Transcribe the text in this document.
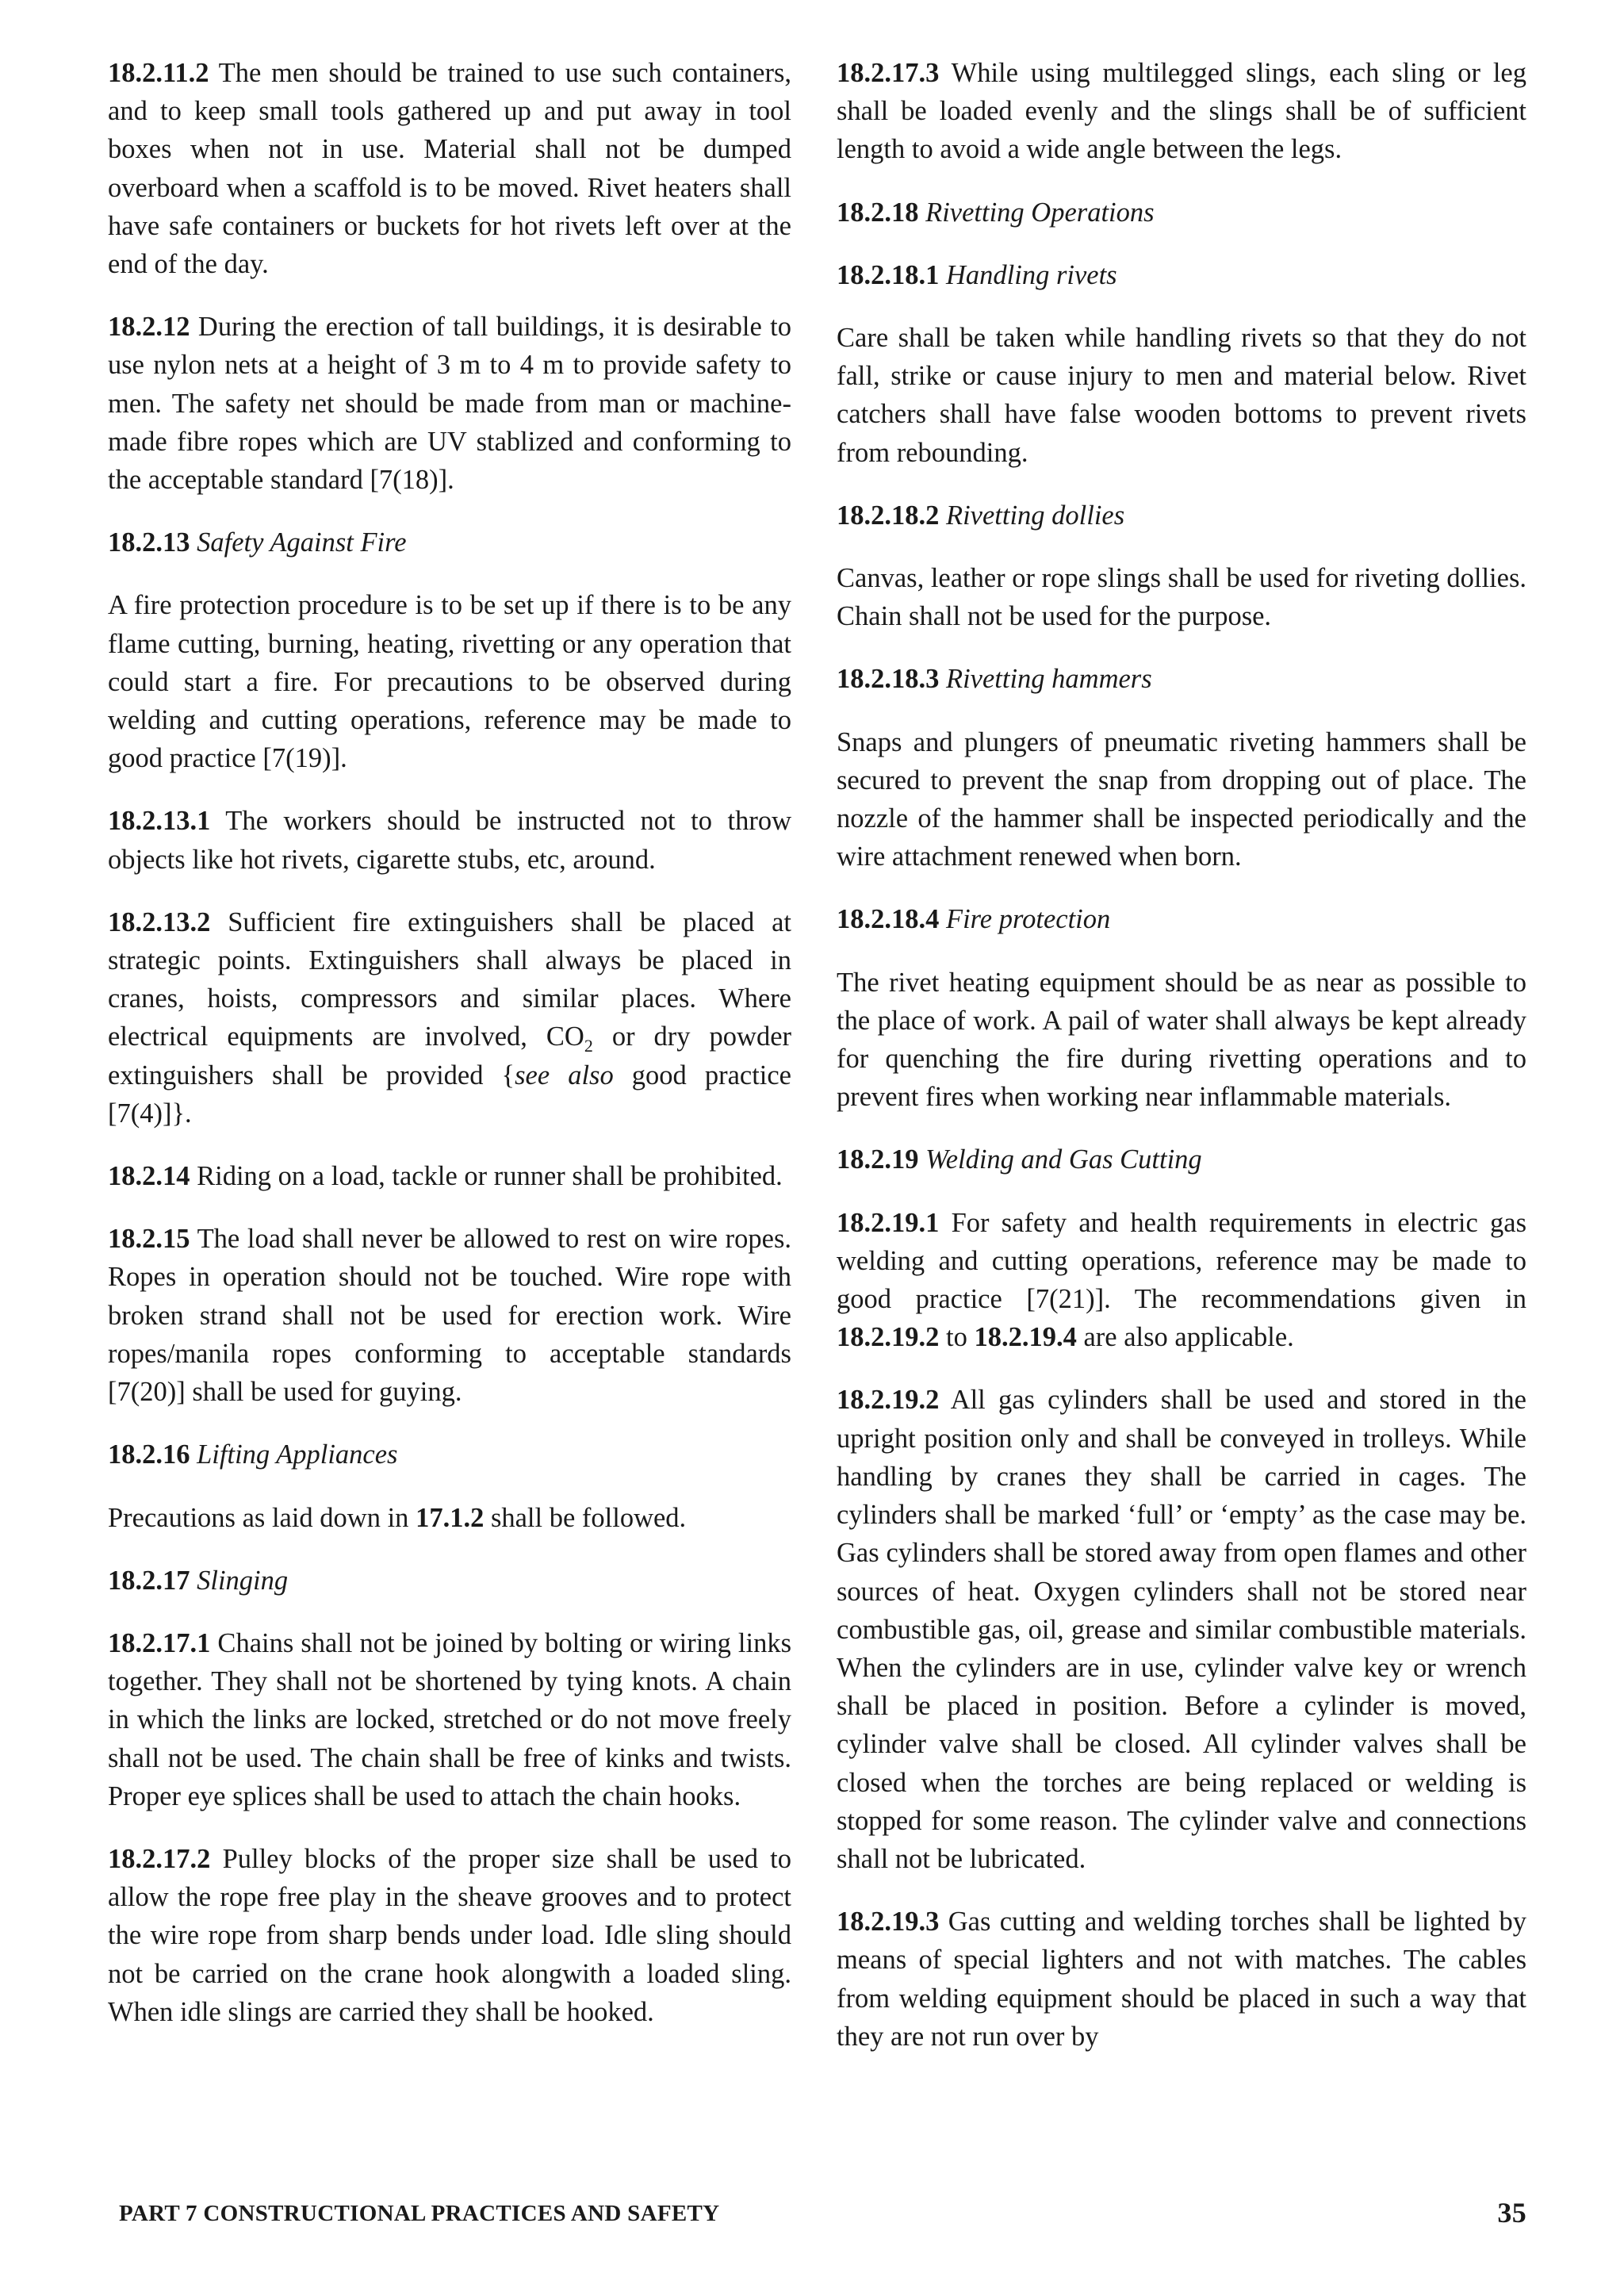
18.2.11.2 The men should be trained to use such containers, and to keep small tools gathered up and put away in tool boxes when not in use. Material shall not be dumped overboard when a scaffold is to be moved. Rivet heaters shall have safe containers or buckets for hot rivets left over at the end of the day.

18.2.12 During the erection of tall buildings, it is desirable to use nylon nets at a height of 3 m to 4 m to provide safety to men. The safety net should be made from man or machine-made fibre ropes which are UV stablized and conforming to the acceptable standard [7(18)].

18.2.13 Safety Against Fire

A fire protection procedure is to be set up if there is to be any flame cutting, burning, heating, rivetting or any operation that could start a fire. For precautions to be observed during welding and cutting operations, reference may be made to good practice [7(19)].

18.2.13.1 The workers should be instructed not to throw objects like hot rivets, cigarette stubs, etc, around.

18.2.13.2 Sufficient fire extinguishers shall be placed at strategic points. Extinguishers shall always be placed in cranes, hoists, compressors and similar places. Where electrical equipments are involved, $CO_2$ or dry powder extinguishers shall be provided {see also good practice [7(4)]}.

18.2.14 Riding on a load, tackle or runner shall be prohibited.

18.2.15 The load shall never be allowed to rest on wire ropes. Ropes in operation should not be touched. Wire rope with broken strand shall not be used for erection work. Wire ropes/manila ropes conforming to acceptable standards [7(20)] shall be used for guying.

18.2.16 Lifting Appliances

Precautions as laid down in 17.1.2 shall be followed.

18.2.17 Slinging

18.2.17.1 Chains shall not be joined by bolting or wiring links together. They shall not be shortened by tying knots. A chain in which the links are locked, stretched or do not move freely shall not be used. The chain shall be free of kinks and twists. Proper eye splices shall be used to attach the chain hooks.

18.2.17.2 Pulley blocks of the proper size shall be used to allow the rope free play in the sheave grooves and to protect the wire rope from sharp bends under load. Idle sling should not be carried on the crane hook alongwith a loaded sling. When idle slings are carried they shall be hooked.

18.2.17.3 While using multilegged slings, each sling or leg shall be loaded evenly and the slings shall be of sufficient length to avoid a wide angle between the legs.

18.2.18 Rivetting Operations

18.2.18.1 Handling rivets

Care shall be taken while handling rivets so that they do not fall, strike or cause injury to men and material below. Rivet catchers shall have false wooden bottoms to prevent rivets from rebounding.

18.2.18.2 Rivetting dollies

Canvas, leather or rope slings shall be used for riveting dollies. Chain shall not be used for the purpose.

18.2.18.3 Rivetting hammers

Snaps and plungers of pneumatic riveting hammers shall be secured to prevent the snap from dropping out of place. The nozzle of the hammer shall be inspected periodically and the wire attachment renewed when born.

18.2.18.4 Fire protection

The rivet heating equipment should be as near as possible to the place of work. A pail of water shall always be kept already for quenching the fire during rivetting operations and to prevent fires when working near inflammable materials.

18.2.19 Welding and Gas Cutting

18.2.19.1 For safety and health requirements in electric gas welding and cutting operations, reference may be made to good practice [7(21)]. The recommendations given in 18.2.19.2 to 18.2.19.4 are also applicable.

18.2.19.2 All gas cylinders shall be used and stored in the upright position only and shall be conveyed in trolleys. While handling by cranes they shall be carried in cages. The cylinders shall be marked ‘full’ or ‘empty’ as the case may be. Gas cylinders shall be stored away from open flames and other sources of heat. Oxygen cylinders shall not be stored near combustible gas, oil, grease and similar combustible materials. When the cylinders are in use, cylinder valve key or wrench shall be placed in position. Before a cylinder is moved, cylinder valve shall be closed. All cylinder valves shall be closed when the torches are being replaced or welding is stopped for some reason. The cylinder valve and connections shall not be lubricated.

18.2.19.3 Gas cutting and welding torches shall be lighted by means of special lighters and not with matches. The cables from welding equipment should be placed in such a way that they are not run over by

PART 7 CONSTRUCTIONAL PRACTICES AND SAFETY	35
